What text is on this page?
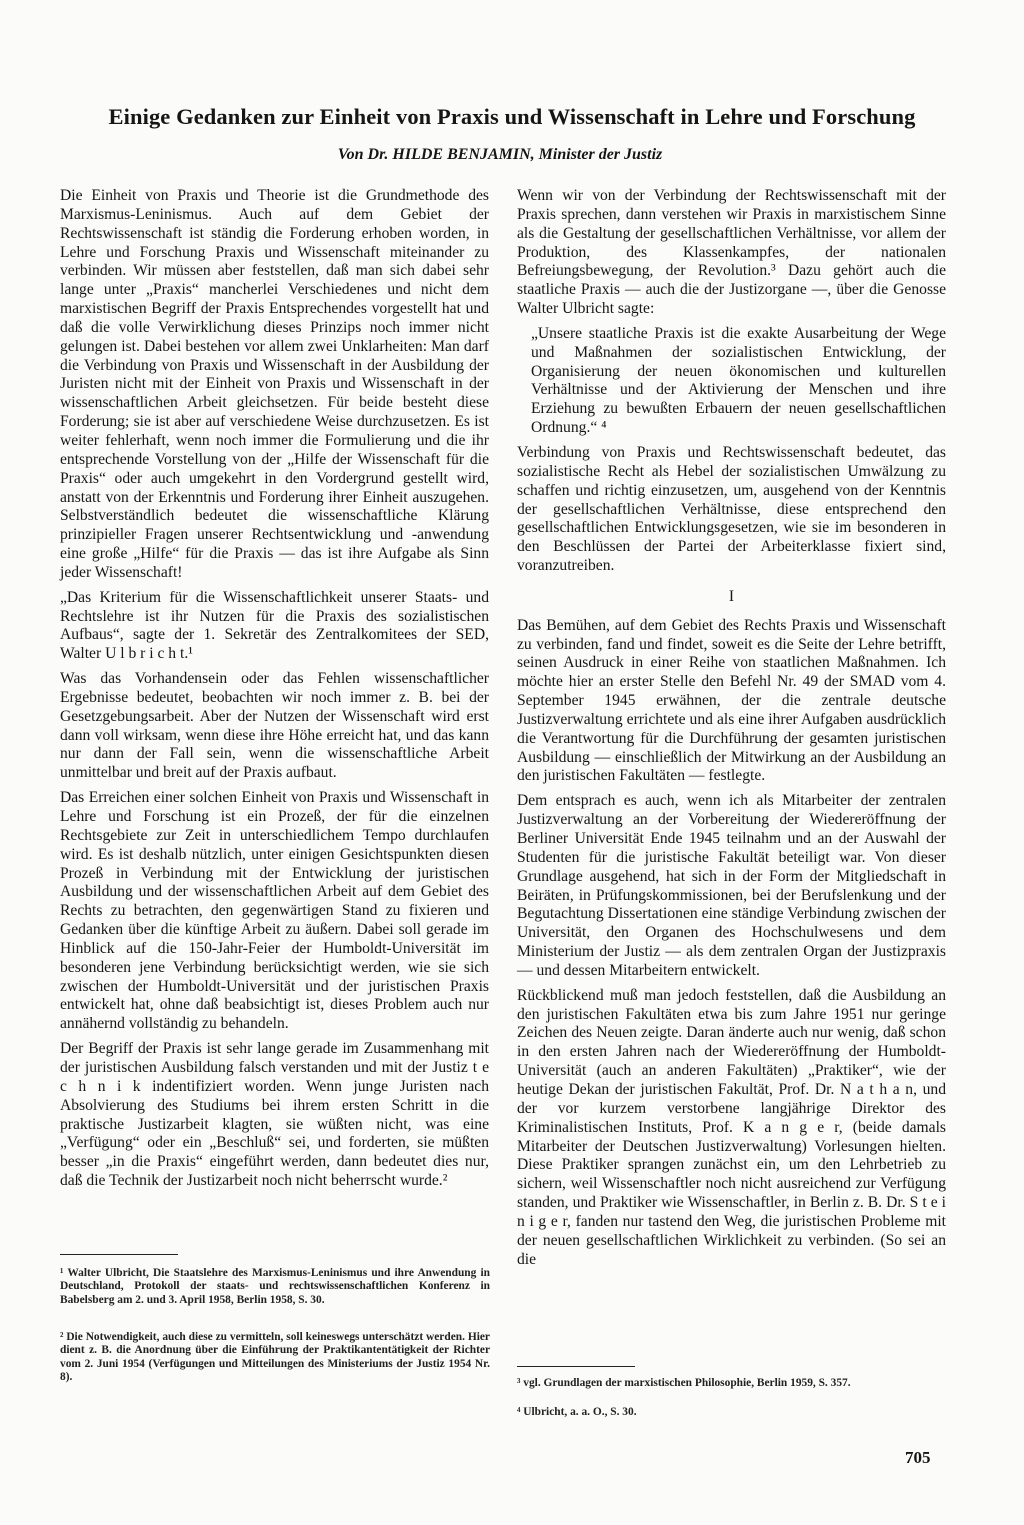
Einige Gedanken zur Einheit von Praxis und Wissenschaft in Lehre und Forschung

Von Dr. HILDE BENJAMIN, Minister der Justiz

Die Einheit von Praxis und Theorie ist die Grundmethode des Marxismus-Leninismus. Auch auf dem Gebiet der Rechtswissenschaft ist ständig die Forderung erhoben worden, in Lehre und Forschung Praxis und Wissenschaft miteinander zu verbinden. Wir müssen aber feststellen, daß man sich dabei sehr lange unter „Praxis“ mancherlei Verschiedenes und nicht dem marxistischen Begriff der Praxis Entsprechendes vorgestellt hat und daß die volle Verwirklichung dieses Prinzips noch immer nicht gelungen ist. Dabei bestehen vor allem zwei Unklarheiten: Man darf die Verbindung von Praxis und Wissenschaft in der Ausbildung der Juristen nicht mit der Einheit von Praxis und Wissenschaft in der wissenschaftlichen Arbeit gleichsetzen. Für beide besteht diese Forderung; sie ist aber auf verschiedene Weise durchzusetzen. Es ist weiter fehlerhaft, wenn noch immer die Formulierung und die ihr entsprechende Vorstellung von der „Hilfe der Wissenschaft für die Praxis“ oder auch umgekehrt in den Vordergrund gestellt wird, anstatt von der Erkenntnis und Forderung ihrer Einheit auszugehen. Selbstverständlich bedeutet die wissenschaftliche Klärung prinzipieller Fragen unserer Rechtsentwicklung und -anwendung eine große „Hilfe“ für die Praxis — das ist ihre Aufgabe als Sinn jeder Wissenschaft!

„Das Kriterium für die Wissenschaftlichkeit unserer Staats- und Rechtslehre ist ihr Nutzen für die Praxis des sozialistischen Aufbaus“, sagte der 1. Sekretär des Zentralkomitees der SED, Walter U l b r i c h t.¹

Was das Vorhandensein oder das Fehlen wissenschaftlicher Ergebnisse bedeutet, beobachten wir noch immer z. B. bei der Gesetzgebungsarbeit. Aber der Nutzen der Wissenschaft wird erst dann voll wirksam, wenn diese ihre Höhe erreicht hat, und das kann nur dann der Fall sein, wenn die wissenschaftliche Arbeit unmittelbar und breit auf der Praxis aufbaut.

Das Erreichen einer solchen Einheit von Praxis und Wissenschaft in Lehre und Forschung ist ein Prozeß, der für die einzelnen Rechtsgebiete zur Zeit in unterschiedlichem Tempo durchlaufen wird. Es ist deshalb nützlich, unter einigen Gesichtspunkten diesen Prozeß in Verbindung mit der Entwicklung der juristischen Ausbildung und der wissenschaftlichen Arbeit auf dem Gebiet des Rechts zu betrachten, den gegenwärtigen Stand zu fixieren und Gedanken über die künftige Arbeit zu äußern. Dabei soll gerade im Hinblick auf die 150-Jahr-Feier der Humboldt-Universität im besonderen jene Verbindung berücksichtigt werden, wie sie sich zwischen der Humboldt-Universität und der juristischen Praxis entwickelt hat, ohne daß beabsichtigt ist, dieses Problem auch nur annähernd vollständig zu behandeln.

Der Begriff der Praxis ist sehr lange gerade im Zusammenhang mit der juristischen Ausbildung falsch verstanden und mit der Justiz t e c h n i k indentifiziert worden. Wenn junge Juristen nach Absolvierung des Studiums bei ihrem ersten Schritt in die praktische Justizarbeit klagten, sie wüßten nicht, was eine „Verfügung“ oder ein „Beschluß“ sei, und forderten, sie müßten besser „in die Praxis“ eingeführt werden, dann bedeutet dies nur, daß die Technik der Justizarbeit noch nicht beherrscht wurde.²

Wenn wir von der Verbindung der Rechtswissenschaft mit der Praxis sprechen, dann verstehen wir Praxis in marxistischem Sinne als die Gestaltung der gesellschaftlichen Verhältnisse, vor allem der Produktion, des Klassenkampfes, der nationalen Befreiungsbewegung, der Revolution.³ Dazu gehört auch die staatliche Praxis — auch die der Justizorgane —, über die Genosse Walter Ulbricht sagte:

„Unsere staatliche Praxis ist die exakte Ausarbeitung der Wege und Maßnahmen der sozialistischen Entwicklung, der Organisierung der neuen ökonomischen und kulturellen Verhältnisse und der Aktivierung der Menschen und ihre Erziehung zu bewußten Erbauern der neuen gesellschaftlichen Ordnung.“ ⁴

Verbindung von Praxis und Rechtswissenschaft bedeutet, das sozialistische Recht als Hebel der sozialistischen Umwälzung zu schaffen und richtig einzusetzen, um, ausgehend von der Kenntnis der gesellschaftlichen Verhältnisse, diese entsprechend den gesellschaftlichen Entwicklungsgesetzen, wie sie im besonderen in den Beschlüssen der Partei der Arbeiterklasse fixiert sind, voranzutreiben.

I

Das Bemühen, auf dem Gebiet des Rechts Praxis und Wissenschaft zu verbinden, fand und findet, soweit es die Seite der Lehre betrifft, seinen Ausdruck in einer Reihe von staatlichen Maßnahmen. Ich möchte hier an erster Stelle den Befehl Nr. 49 der SMAD vom 4. September 1945 erwähnen, der die zentrale deutsche Justizverwaltung errichtete und als eine ihrer Aufgaben ausdrücklich die Verantwortung für die Durchführung der gesamten juristischen Ausbildung — einschließlich der Mitwirkung an der Ausbildung an den juristischen Fakultäten — festlegte.

Dem entsprach es auch, wenn ich als Mitarbeiter der zentralen Justizverwaltung an der Vorbereitung der Wiedereröffnung der Berliner Universität Ende 1945 teilnahm und an der Auswahl der Studenten für die juristische Fakultät beteiligt war. Von dieser Grundlage ausgehend, hat sich in der Form der Mitgliedschaft in Beiräten, in Prüfungskommissionen, bei der Berufslenkung und der Begutachtung Dissertationen eine ständige Verbindung zwischen der Universität, den Organen des Hochschulwesens und dem Ministerium der Justiz — als dem zentralen Organ der Justizpraxis — und dessen Mitarbeitern entwickelt.

Rückblickend muß man jedoch feststellen, daß die Ausbildung an den juristischen Fakultäten etwa bis zum Jahre 1951 nur geringe Zeichen des Neuen zeigte. Daran änderte auch nur wenig, daß schon in den ersten Jahren nach der Wiedereröffnung der Humboldt-Universität (auch an anderen Fakultäten) „Praktiker“, wie der heutige Dekan der juristischen Fakultät, Prof. Dr. N a t h a n, und der vor kurzem verstorbene langjährige Direktor des Kriminalistischen Instituts, Prof. K a n g e r, (beide damals Mitarbeiter der Deutschen Justizverwaltung) Vorlesungen hielten. Diese Praktiker sprangen zunächst ein, um den Lehrbetrieb zu sichern, weil Wissenschaftler noch nicht ausreichend zur Verfügung standen, und Praktiker wie Wissenschaftler, in Berlin z. B. Dr. S t e i n i g e r, fanden nur tastend den Weg, die juristischen Probleme mit der neuen gesellschaftlichen Wirklichkeit zu verbinden. (So sei an die

¹ Walter Ulbricht, Die Staatslehre des Marxismus-Leninismus und ihre Anwendung in Deutschland, Protokoll der staats- und rechtswissenschaftlichen Konferenz in Babelsberg am 2. und 3. April 1958, Berlin 1958, S. 30.

² Die Notwendigkeit, auch diese zu vermitteln, soll keineswegs unterschätzt werden. Hier dient z. B. die Anordnung über die Einführung der Praktikantentätigkeit der Richter vom 2. Juni 1954 (Verfügungen und Mitteilungen des Ministeriums der Justiz 1954 Nr. 8).	³ vgl. Grundlagen der marxistischen Philosophie, Berlin 1959, S. 357.

⁴ Ulbricht, a. a. O., S. 30.

705
